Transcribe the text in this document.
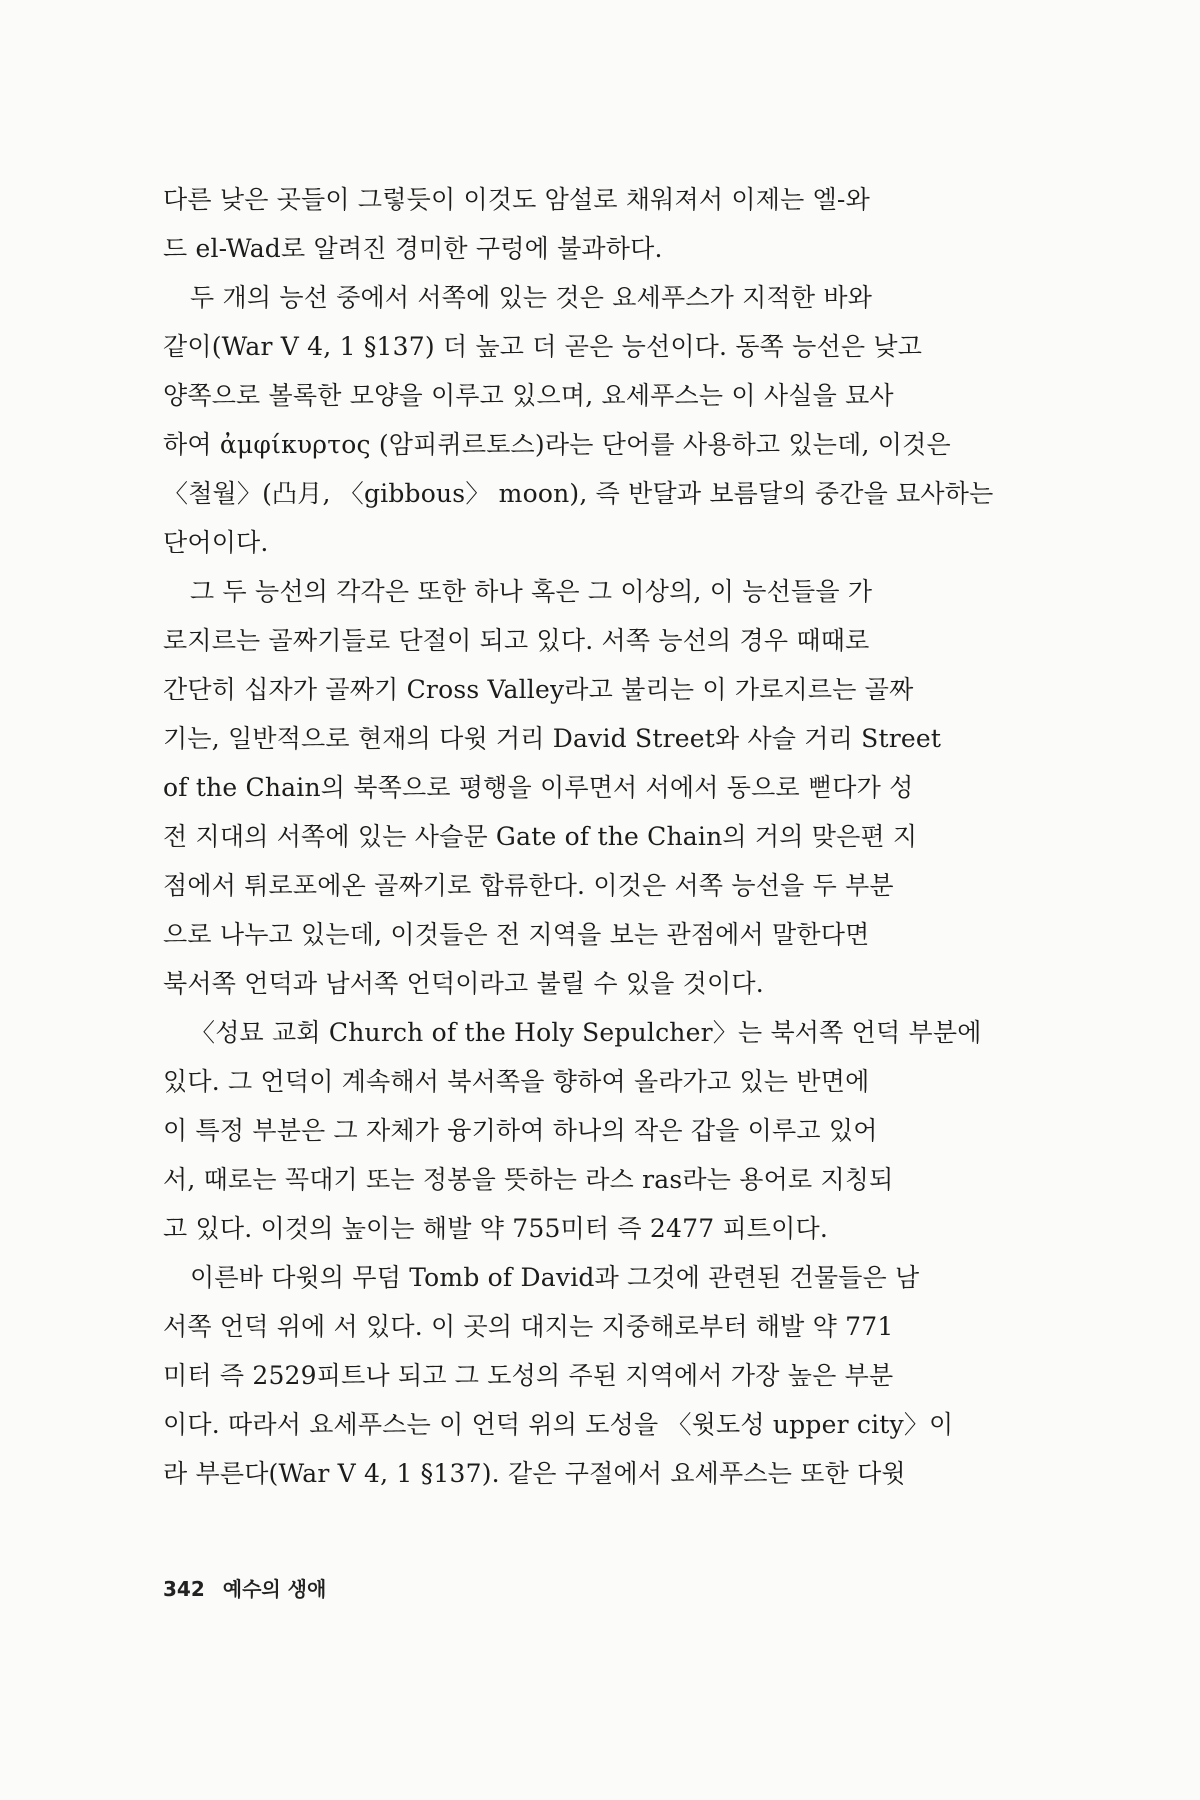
다른 낮은 곳들이 그렇듯이 이것도 암설로 채워져서 이제는 엘-와
드 el-Wad로 알려진 경미한 구렁에 불과하다.
두 개의 능선 중에서 서쪽에 있는 것은 요세푸스가 지적한 바와
같이(War V 4, 1 §137) 더 높고 더 곧은 능선이다. 동쪽 능선은 낮고
양쪽으로 볼록한 모양을 이루고 있으며, 요세푸스는 이 사실을 묘사
하여 ἀμφίκυρτος (암피퀴르토스)라는 단어를 사용하고 있는데, 이것은
〈철월〉(凸月, 〈gibbous〉 moon), 즉 반달과 보름달의 중간을 묘사하는
단어이다.
그 두 능선의 각각은 또한 하나 혹은 그 이상의, 이 능선들을 가
로지르는 골짜기들로 단절이 되고 있다. 서쪽 능선의 경우 때때로
간단히 십자가 골짜기 Cross Valley라고 불리는 이 가로지르는 골짜
기는, 일반적으로 현재의 다윗 거리 David Street와 사슬 거리 Street
of the Chain의 북쪽으로 평행을 이루면서 서에서 동으로 뻗다가 성
전 지대의 서쪽에 있는 사슬문 Gate of the Chain의 거의 맞은편 지
점에서 튀로포에온 골짜기로 합류한다. 이것은 서쪽 능선을 두 부분
으로 나누고 있는데, 이것들은 전 지역을 보는 관점에서 말한다면
북서쪽 언덕과 남서쪽 언덕이라고 불릴 수 있을 것이다.
〈성묘 교회 Church of the Holy Sepulcher〉는 북서쪽 언덕 부분에
있다. 그 언덕이 계속해서 북서쪽을 향하여 올라가고 있는 반면에
이 특정 부분은 그 자체가 융기하여 하나의 작은 갑을 이루고 있어
서, 때로는 꼭대기 또는 정봉을 뜻하는 라스 ras라는 용어로 지칭되
고 있다. 이것의 높이는 해발 약 755미터 즉 2477 피트이다.
이른바 다윗의 무덤 Tomb of David과 그것에 관련된 건물들은 남
서쪽 언덕 위에 서 있다. 이 곳의 대지는 지중해로부터 해발 약 771
미터 즉 2529피트나 되고 그 도성의 주된 지역에서 가장 높은 부분
이다. 따라서 요세푸스는 이 언덕 위의 도성을 〈윗도성 upper city〉이
라 부른다(War V 4, 1 §137). 같은 구절에서 요세푸스는 또한 다윗
342 예수의 생애
